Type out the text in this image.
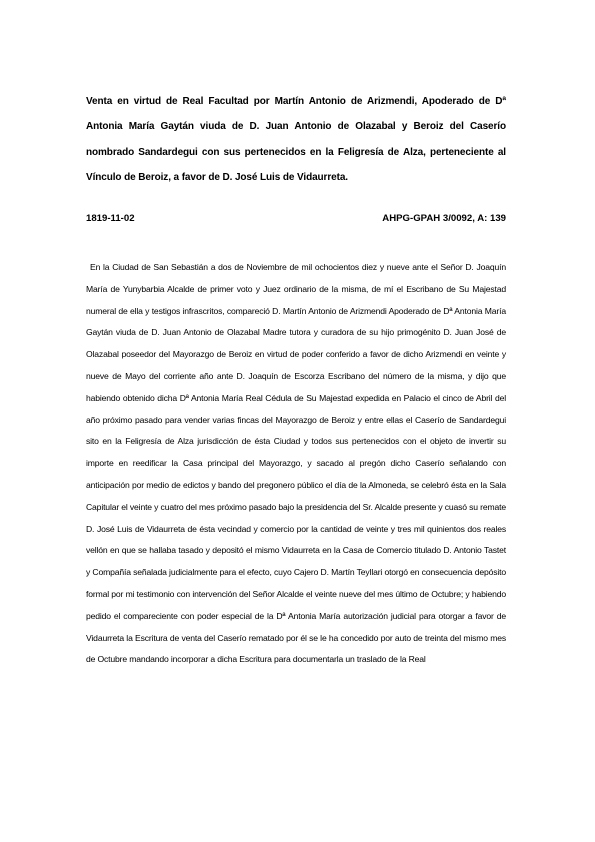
Venta en virtud de Real Facultad por Martín Antonio de Arizmendi, Apoderado de Dª Antonia María Gaytán viuda de D. Juan Antonio de Olazabal y Beroiz del Caserío nombrado Sandardegui con sus pertenecidos en la Feligresía de Alza, perteneciente al Vínculo de Beroiz, a favor de D. José Luis de Vidaurreta.
1819-11-02	AHPG-GPAH 3/0092, A: 139
En la Ciudad de San Sebastián a dos de Noviembre de mil ochocientos diez y nueve ante el Señor D. Joaquín María de Yunybarbia Alcalde de primer voto y Juez ordinario de la misma, de mí el Escribano de Su Majestad numeral de ella y testigos infrascritos, compareció D. Martín Antonio de Arizmendi Apoderado de Dª Antonia María Gaytán viuda de D. Juan Antonio de Olazabal Madre tutora y curadora de su hijo primogénito D. Juan José de Olazabal poseedor del Mayorazgo de Beroiz en virtud de poder conferido a favor de dicho Arizmendi en veinte y nueve de Mayo del corriente año ante D. Joaquín de Escorza Escribano del número de la misma, y dijo que habiendo obtenido dicha Dª Antonia María Real Cédula de Su Majestad expedida en Palacio el cinco de Abril del año próximo pasado para vender varias fincas del Mayorazgo de Beroiz y entre ellas el Caserío de Sandardegui sito en la Feligresía de Alza jurisdicción de ésta Ciudad y todos sus pertenecidos con el objeto de invertir su importe en reedificar la Casa principal del Mayorazgo, y sacado al pregón dicho Caserío señalando con anticipación por medio de edictos y bando del pregonero público el día de la Almoneda, se celebró ésta en la Sala Capitular el veinte y cuatro del mes próximo pasado bajo la presidencia del Sr. Alcalde presente y cuasó su remate D. José Luis de Vidaurreta de ésta vecindad y comercio por la cantidad de veinte y tres mil quinientos dos reales vellón en que se hallaba tasado y depositó el mismo Vidaurreta en la Casa de Comercio titulado D. Antonio Tastet y Compañía señalada judicialmente para el efecto, cuyo Cajero D. Martín Teyllari otorgó en consecuencia depósito formal por mi testimonio con intervención del Señor Alcalde el veinte nueve del mes último de Octubre; y habiendo pedido el compareciente con poder especial de la Dª Antonia María autorización judicial para otorgar a favor de Vidaurreta la Escritura de venta del Caserío rematado por él se le ha concedido por auto de treinta del mismo mes de Octubre mandando incorporar a dicha Escritura para documentarla un traslado de la Real
